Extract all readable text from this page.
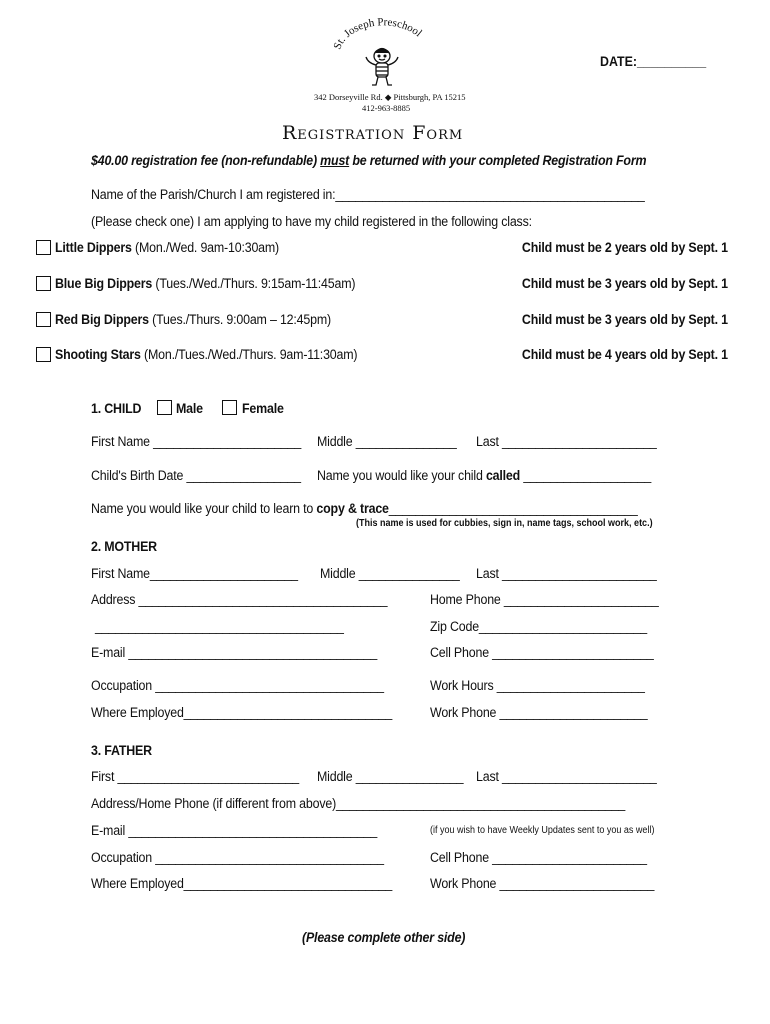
St. Joseph Preschool
342 Dorseyville Rd. ◆ Pittsburgh, PA 15215
412-963-8885
DATE:__________
Registration Form
$40.00 registration fee (non-refundable) must be returned with your completed Registration Form
Name of the Parish/Church I am registered in:______________________________________________
(Please check one) I am applying to have my child registered in the following class:
Little Dippers (Mon./Wed. 9am-10:30am)	Child must be 2 years old by Sept. 1
Blue Big Dippers (Tues./Wed./Thurs. 9:15am-11:45am)	Child must be 3 years old by Sept. 1
Red Big Dippers (Tues./Thurs. 9:00am – 12:45pm)	Child must be 3 years old by Sept. 1
Shooting Stars (Mon./Tues./Wed./Thurs. 9am-11:30am)	Child must be 4 years old by Sept. 1
1. CHILD	Male	Female
First Name ______________________ Middle _______________ Last _______________________
Child's Birth Date _________________ Name you would like your child called ___________________
Name you would like your child to learn to copy & trace_____________________________________
(This name is used for cubbies, sign in, name tags, school work, etc.)
2. MOTHER
First Name______________________ Middle _______________ Last _______________________
Address _____________________________________	Home Phone _______________________
_____________________________________	Zip Code_________________________
E-mail _____________________________________	Cell Phone ________________________
Occupation __________________________________	Work Hours ______________________
Where Employed_______________________________	Work Phone ______________________
3. FATHER
First ___________________________ Middle ________________ Last _______________________
Address/Home Phone (if different from above)___________________________________________
E-mail _____________________________________	(if you wish to have Weekly Updates sent to you as well)
Occupation __________________________________	Cell Phone _______________________
Where Employed_______________________________	Work Phone _______________________
(Please complete other side)
